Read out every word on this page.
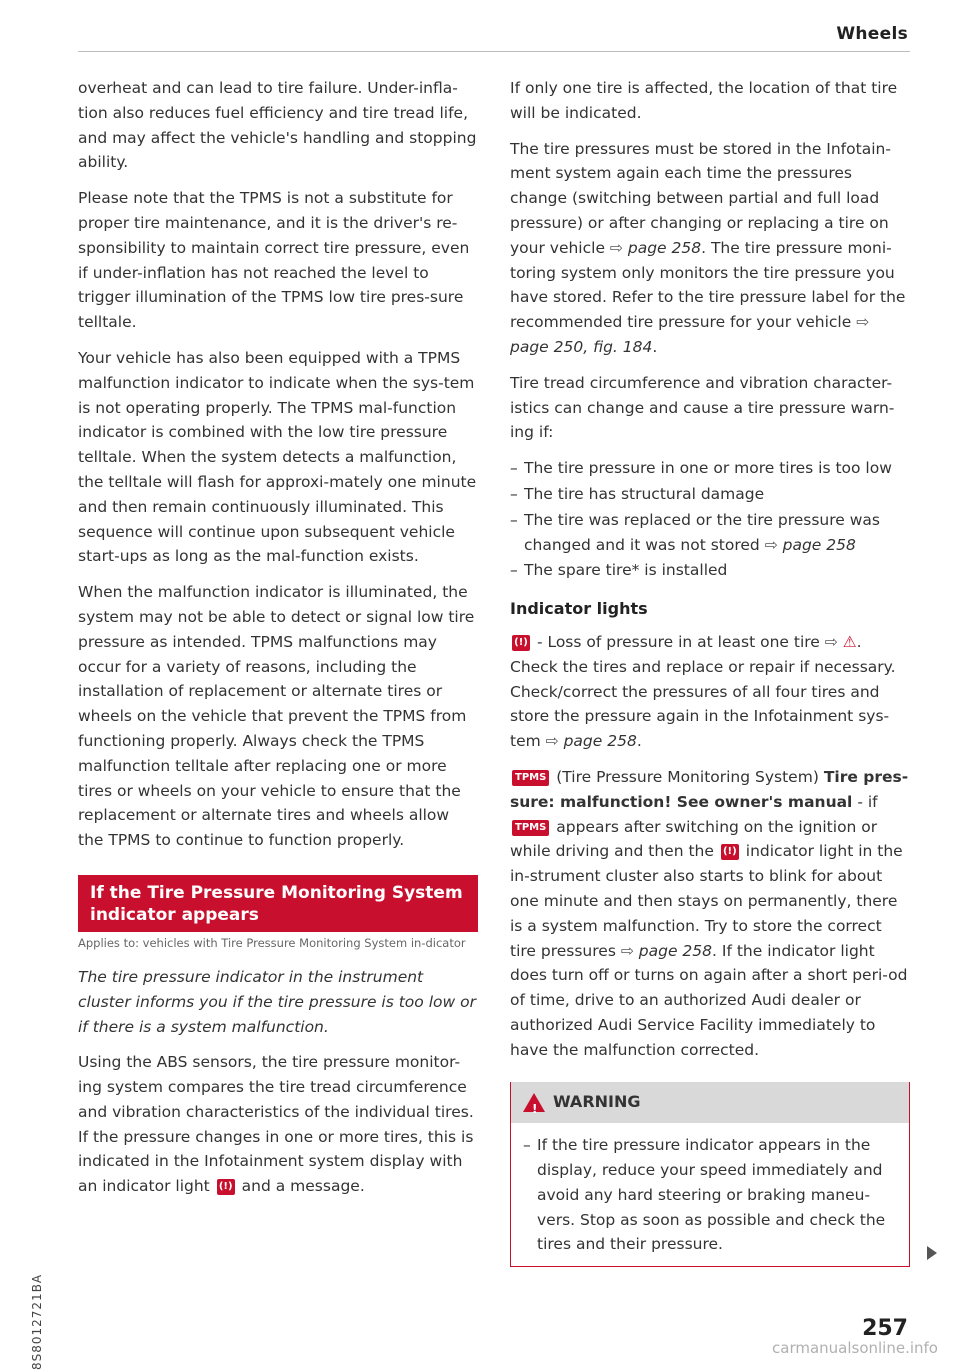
Wheels
8S8012721BA

overheat and can lead to tire failure. Under-infla-tion also reduces fuel efficiency and tire tread life, and may affect the vehicle's handling and stopping ability.

Please note that the TPMS is not a substitute for proper tire maintenance, and it is the driver's re-sponsibility to maintain correct tire pressure, even if under-inflation has not reached the level to trigger illumination of the TPMS low tire pres-sure telltale.

Your vehicle has also been equipped with a TPMS malfunction indicator to indicate when the sys-tem is not operating properly. The TPMS mal-function indicator is combined with the low tire pressure telltale. When the system detects a malfunction, the telltale will flash for approxi-mately one minute and then remain continuously illuminated. This sequence will continue upon subsequent vehicle start-ups as long as the mal-function exists.

When the malfunction indicator is illuminated, the system may not be able to detect or signal low tire pressure as intended. TPMS malfunctions may occur for a variety of reasons, including the installation of replacement or alternate tires or wheels on the vehicle that prevent the TPMS from functioning properly. Always check the TPMS malfunction telltale after replacing one or more tires or wheels on your vehicle to ensure that the replacement or alternate tires and wheels allow the TPMS to continue to function properly.

If the Tire Pressure Monitoring System indicator appears
Applies to: vehicles with Tire Pressure Monitoring System in-dicator

The tire pressure indicator in the instrument cluster informs you if the tire pressure is too low or if there is a system malfunction.

Using the ABS sensors, the tire pressure monitor-ing system compares the tire tread circumference and vibration characteristics of the individual tires. If the pressure changes in one or more tires, this is indicated in the Infotainment system display with an indicator light (!) and a message.

If only one tire is affected, the location of that tire will be indicated.

The tire pressures must be stored in the Infotain-ment system again each time the pressures change (switching between partial and full load pressure) or after changing or replacing a tire on your vehicle ⇨ page 258. The tire pressure moni-toring system only monitors the tire pressure you have stored. Refer to the tire pressure label for the recommended tire pressure for your vehicle ⇨ page 250, fig. 184.

Tire tread circumference and vibration character-istics can change and cause a tire pressure warn-ing if:

– The tire pressure in one or more tires is too low
– The tire has structural damage
– The tire was replaced or the tire pressure was changed and it was not stored ⇨ page 258
– The spare tire* is installed
Indicator lights

(!) - Loss of pressure in at least one tire ⇨ ⚠. Check the tires and replace or repair if necessary. Check/correct the pressures of all four tires and store the pressure again in the Infotainment sys-tem ⇨ page 258.

TPMS (Tire Pressure Monitoring System) Tire pres-sure: malfunction! See owner's manual - if TPMS appears after switching on the ignition or while driving and then the (!) indicator light in the in-strument cluster also starts to blink for about one minute and then stays on permanently, there is a system malfunction. Try to store the correct tire pressures ⇨ page 258. If the indicator light does turn off or turns on again after a short peri-od of time, drive to an authorized Audi dealer or authorized Audi Service Facility immediately to have the malfunction corrected.

! WARNING
– If the tire pressure indicator appears in the display, reduce your speed immediately and avoid any hard steering or braking maneu-vers. Stop as soon as possible and check the tires and their pressure.
257
carmanualsonline.info
